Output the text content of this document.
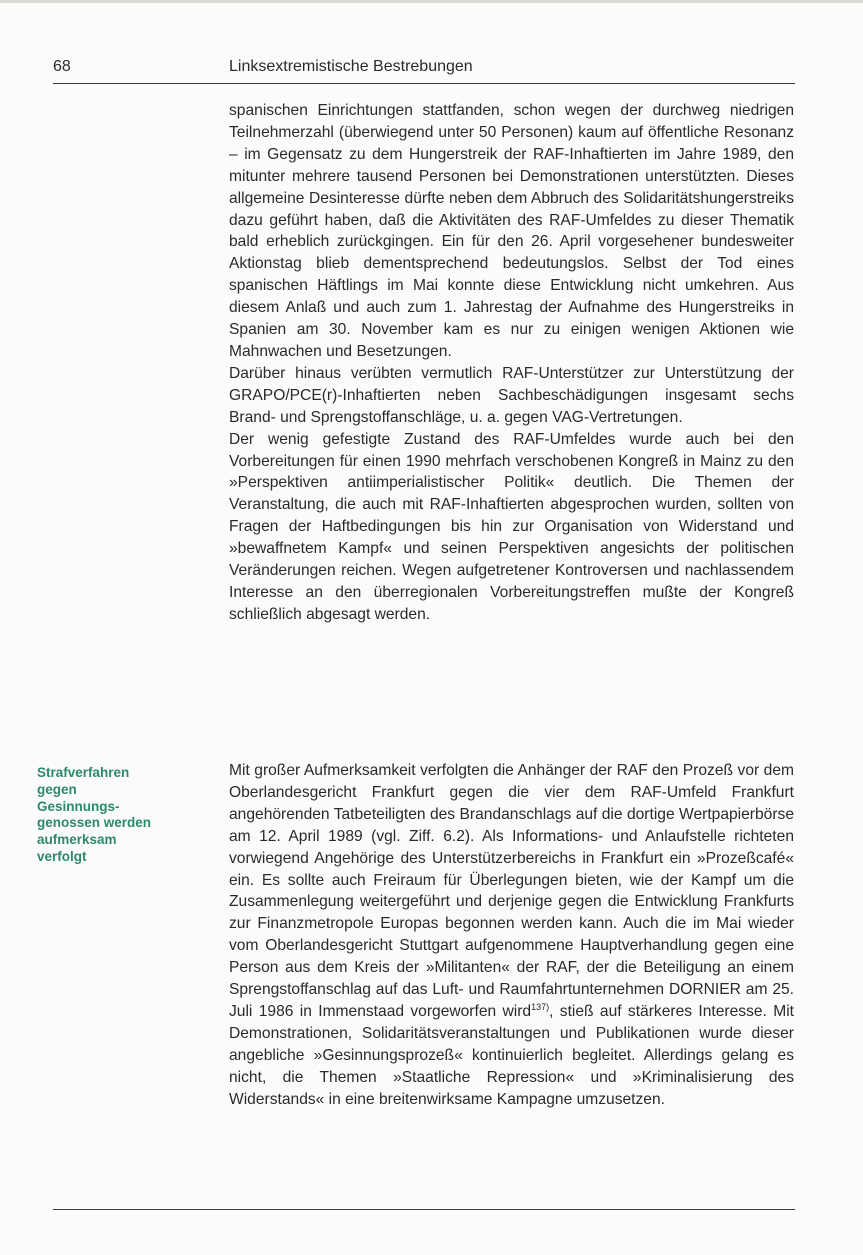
68	Linksextremistische Bestrebungen

spanischen Einrichtungen stattfanden, schon wegen der durchweg niedrigen Teilnehmerzahl (überwiegend unter 50 Personen) kaum auf öffentliche Resonanz – im Gegensatz zu dem Hungerstreik der RAF-Inhaftierten im Jahre 1989, den mitunter mehrere tausend Personen bei Demonstrationen unterstützten. Dieses allgemeine Desinteresse dürfte neben dem Abbruch des Solidaritätshungerstreiks dazu geführt haben, daß die Aktivitäten des RAF-Umfeldes zu dieser Thematik bald erheblich zurückgingen. Ein für den 26. April vorgesehener bundesweiter Aktionstag blieb dementsprechend bedeutungslos. Selbst der Tod eines spanischen Häftlings im Mai konnte diese Entwicklung nicht umkehren. Aus diesem Anlaß und auch zum 1. Jahrestag der Aufnahme des Hungerstreiks in Spanien am 30. November kam es nur zu einigen wenigen Aktionen wie Mahnwachen und Besetzungen.

Darüber hinaus verübten vermutlich RAF-Unterstützer zur Unterstützung der GRAPO/PCE(r)-Inhaftierten neben Sachbeschädigungen insgesamt sechs Brand- und Sprengstoffanschläge, u. a. gegen VAG-Vertretungen.

Der wenig gefestigte Zustand des RAF-Umfeldes wurde auch bei den Vorbereitungen für einen 1990 mehrfach verschobenen Kongreß in Mainz zu den »Perspektiven antiimperialistischer Politik« deutlich. Die Themen der Veranstaltung, die auch mit RAF-Inhaftierten abgesprochen wurden, sollten von Fragen der Haftbedingungen bis hin zur Organisation von Widerstand und »bewaffnetem Kampf« und seinen Perspektiven angesichts der politischen Veränderungen reichen. Wegen aufgetretener Kontroversen und nachlassendem Interesse an den überregionalen Vorbereitungstreffen mußte der Kongreß schließlich abgesagt werden.

Strafverfahren
gegen
Gesinnungs-
genossen werden
aufmerksam
verfolgt

Mit großer Aufmerksamkeit verfolgten die Anhänger der RAF den Prozeß vor dem Oberlandesgericht Frankfurt gegen die vier dem RAF-Umfeld Frankfurt angehörenden Tatbeteiligten des Brandanschlags auf die dortige Wertpapierbörse am 12. April 1989 (vgl. Ziff. 6.2). Als Informations- und Anlaufstelle richteten vorwiegend Angehörige des Unterstützerbereichs in Frankfurt ein »Prozeßcafé« ein. Es sollte auch Freiraum für Überlegungen bieten, wie der Kampf um die Zusammenlegung weitergeführt und derjenige gegen die Entwicklung Frankfurts zur Finanzmetropole Europas begonnen werden kann. Auch die im Mai wieder vom Oberlandesgericht Stuttgart aufgenommene Hauptverhandlung gegen eine Person aus dem Kreis der »Militanten« der RAF, der die Beteiligung an einem Sprengstoffanschlag auf das Luft- und Raumfahrtunternehmen DORNIER am 25. Juli 1986 in Immenstaad vorgeworfen wird$^{137)}$, stieß auf stärkeres Interesse. Mit Demonstrationen, Solidaritätsveranstaltungen und Publikationen wurde dieser angebliche »Gesinnungsprozeß« kontinuierlich begleitet. Allerdings gelang es nicht, die Themen »Staatliche Repression« und »Kriminalisierung des Widerstands« in eine breitenwirksame Kampagne umzusetzen.
